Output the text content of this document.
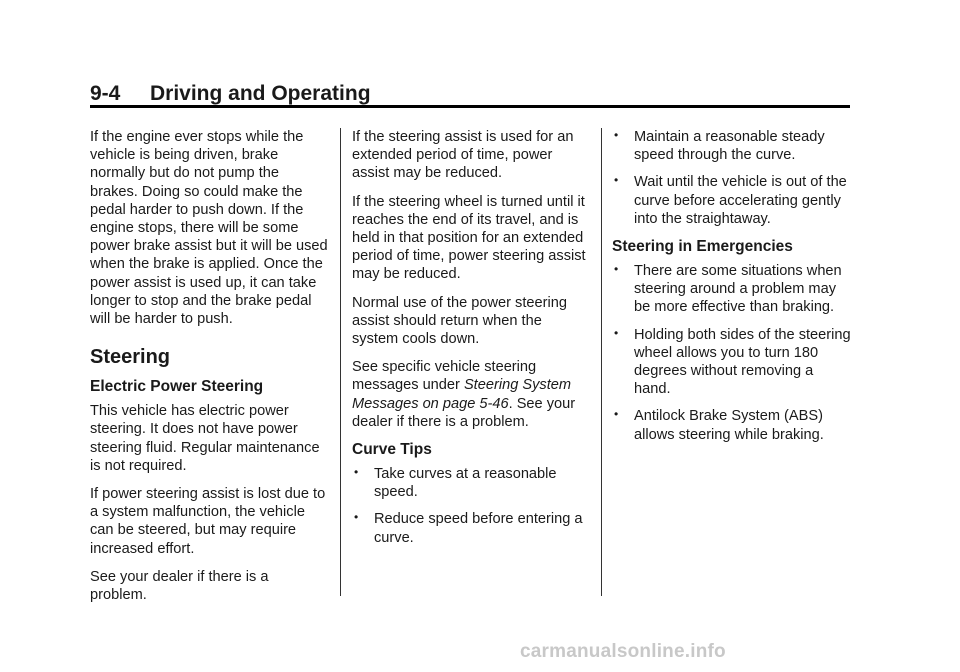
9-4 Driving and Operating

If the engine ever stops while the vehicle is being driven, brake normally but do not pump the brakes. Doing so could make the pedal harder to push down. If the engine stops, there will be some power brake assist but it will be used when the brake is applied. Once the power assist is used up, it can take longer to stop and the brake pedal will be harder to push.

Steering
Electric Power Steering

This vehicle has electric power steering. It does not have power steering fluid. Regular maintenance is not required.

If power steering assist is lost due to a system malfunction, the vehicle can be steered, but may require increased effort.

See your dealer if there is a problem.

If the steering assist is used for an extended period of time, power assist may be reduced.

If the steering wheel is turned until it reaches the end of its travel, and is held in that position for an extended period of time, power steering assist may be reduced.

Normal use of the power steering assist should return when the system cools down.

See specific vehicle steering messages under Steering System Messages on page 5-46. See your dealer if there is a problem.

Curve Tips
• Take curves at a reasonable speed.
• Reduce speed before entering a curve.
• Maintain a reasonable steady speed through the curve.
• Wait until the vehicle is out of the curve before accelerating gently into the straightaway.
Steering in Emergencies
• There are some situations when steering around a problem may be more effective than braking.
• Holding both sides of the steering wheel allows you to turn 180 degrees without removing a hand.
• Antilock Brake System (ABS) allows steering while braking.
carmanualsonline.info
